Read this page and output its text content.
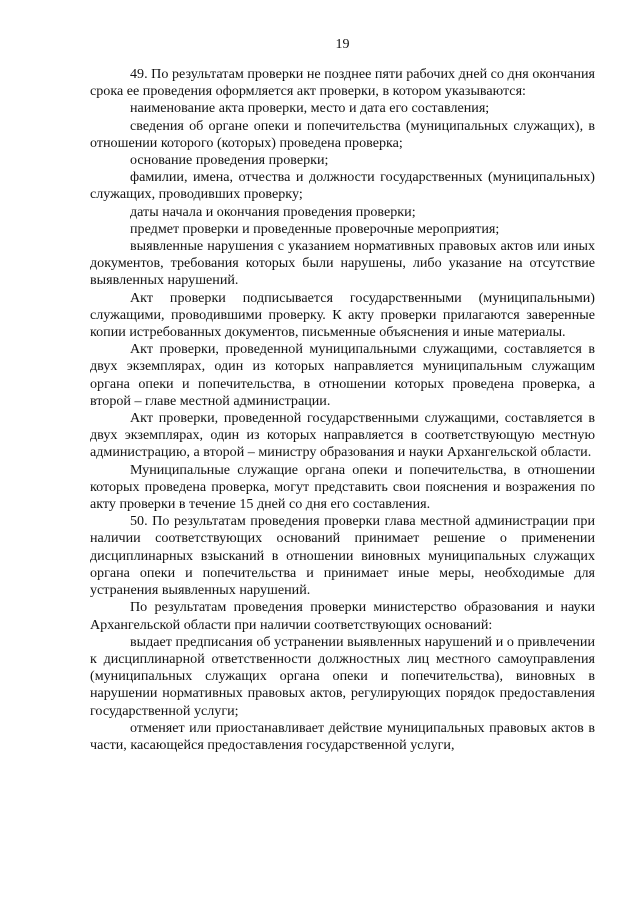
19

49. По результатам проверки не позднее пяти рабочих дней со дня окончания срока ее проведения оформляется акт проверки, в котором указываются:

наименование акта проверки, место и дата его составления;

сведения об органе опеки и попечительства (муниципальных служащих), в отношении которого (которых) проведена проверка;

основание проведения проверки;

фамилии, имена, отчества и должности государственных (муниципальных) служащих, проводивших проверку;

даты начала и окончания проведения проверки;

предмет проверки и проведенные проверочные мероприятия;

выявленные нарушения с указанием нормативных правовых актов или иных документов, требования которых были нарушены, либо указание на отсутствие выявленных нарушений.

Акт проверки подписывается государственными (муниципальными) служащими, проводившими проверку. К акту проверки прилагаются заверенные копии истребованных документов, письменные объяснения и иные материалы.

Акт проверки, проведенной муниципальными служащими, составляется в двух экземплярах, один из которых направляется муниципальным служащим органа опеки и попечительства, в отношении которых проведена проверка, а второй – главе местной администрации.

Акт проверки, проведенной государственными служащими, составляется в двух экземплярах, один из которых направляется в соответствующую местную администрацию, а второй – министру образования и науки Архангельской области.

Муниципальные служащие органа опеки и попечительства, в отношении которых проведена проверка, могут представить свои пояснения и возражения по акту проверки в течение 15 дней со дня его составления.

50. По результатам проведения проверки глава местной администрации при наличии соответствующих оснований принимает решение о применении дисциплинарных взысканий в отношении виновных муниципальных служащих органа опеки и попечительства и принимает иные меры, необходимые для устранения выявленных нарушений.

По результатам проведения проверки министерство образования и науки Архангельской области при наличии соответствующих оснований:

выдает предписания об устранении выявленных нарушений и о привлечении к дисциплинарной ответственности должностных лиц местного самоуправления (муниципальных служащих органа опеки и попечительства), виновных в нарушении нормативных правовых актов, регулирующих порядок предоставления государственной услуги;

отменяет или приостанавливает действие муниципальных правовых актов в части, касающейся предоставления государственной услуги,
